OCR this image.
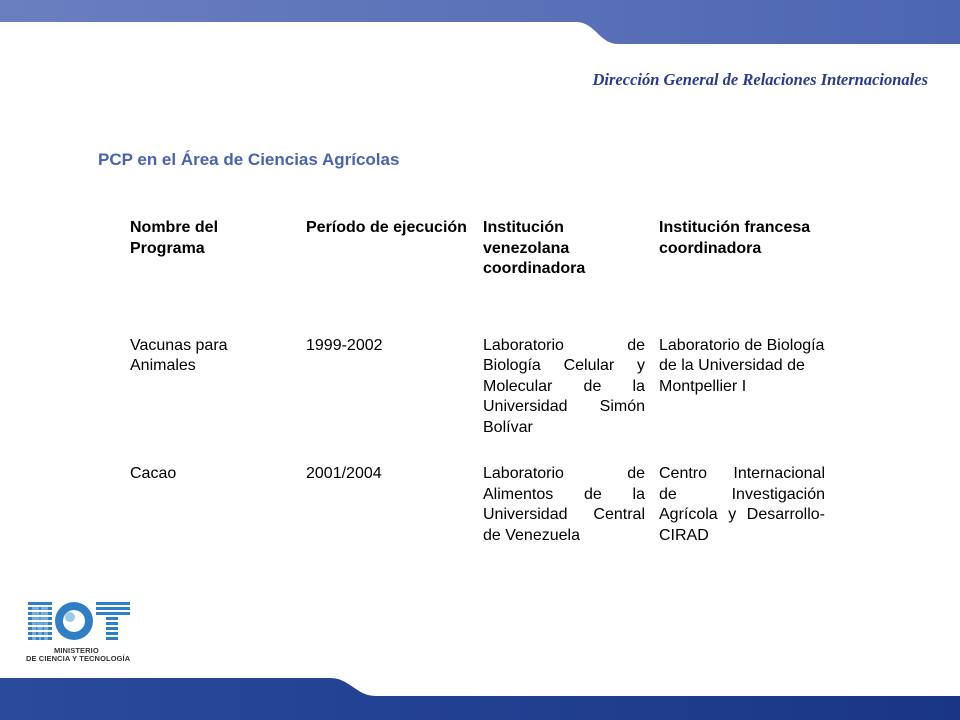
Dirección General de Relaciones Internacionales
PCP en el Área de Ciencias Agrícolas
Nombre del Programa	Período de ejecución	Institución venezolana coordinadora	Institución francesa coordinadora
Vacunas para Animales	1999-2002	Laboratorio de Biología Celular y Molecular de la Universidad Simón Bolívar	Laboratorio de Biología de la Universidad de Montpellier I
Cacao	2001/2004	Laboratorio de Alimentos de la Universidad Central de Venezuela	Centro Internacional de Investigación Agrícola y Desarrollo-CIRAD
MINISTERIO
DE CIENCIA Y TECNOLOGÍA
